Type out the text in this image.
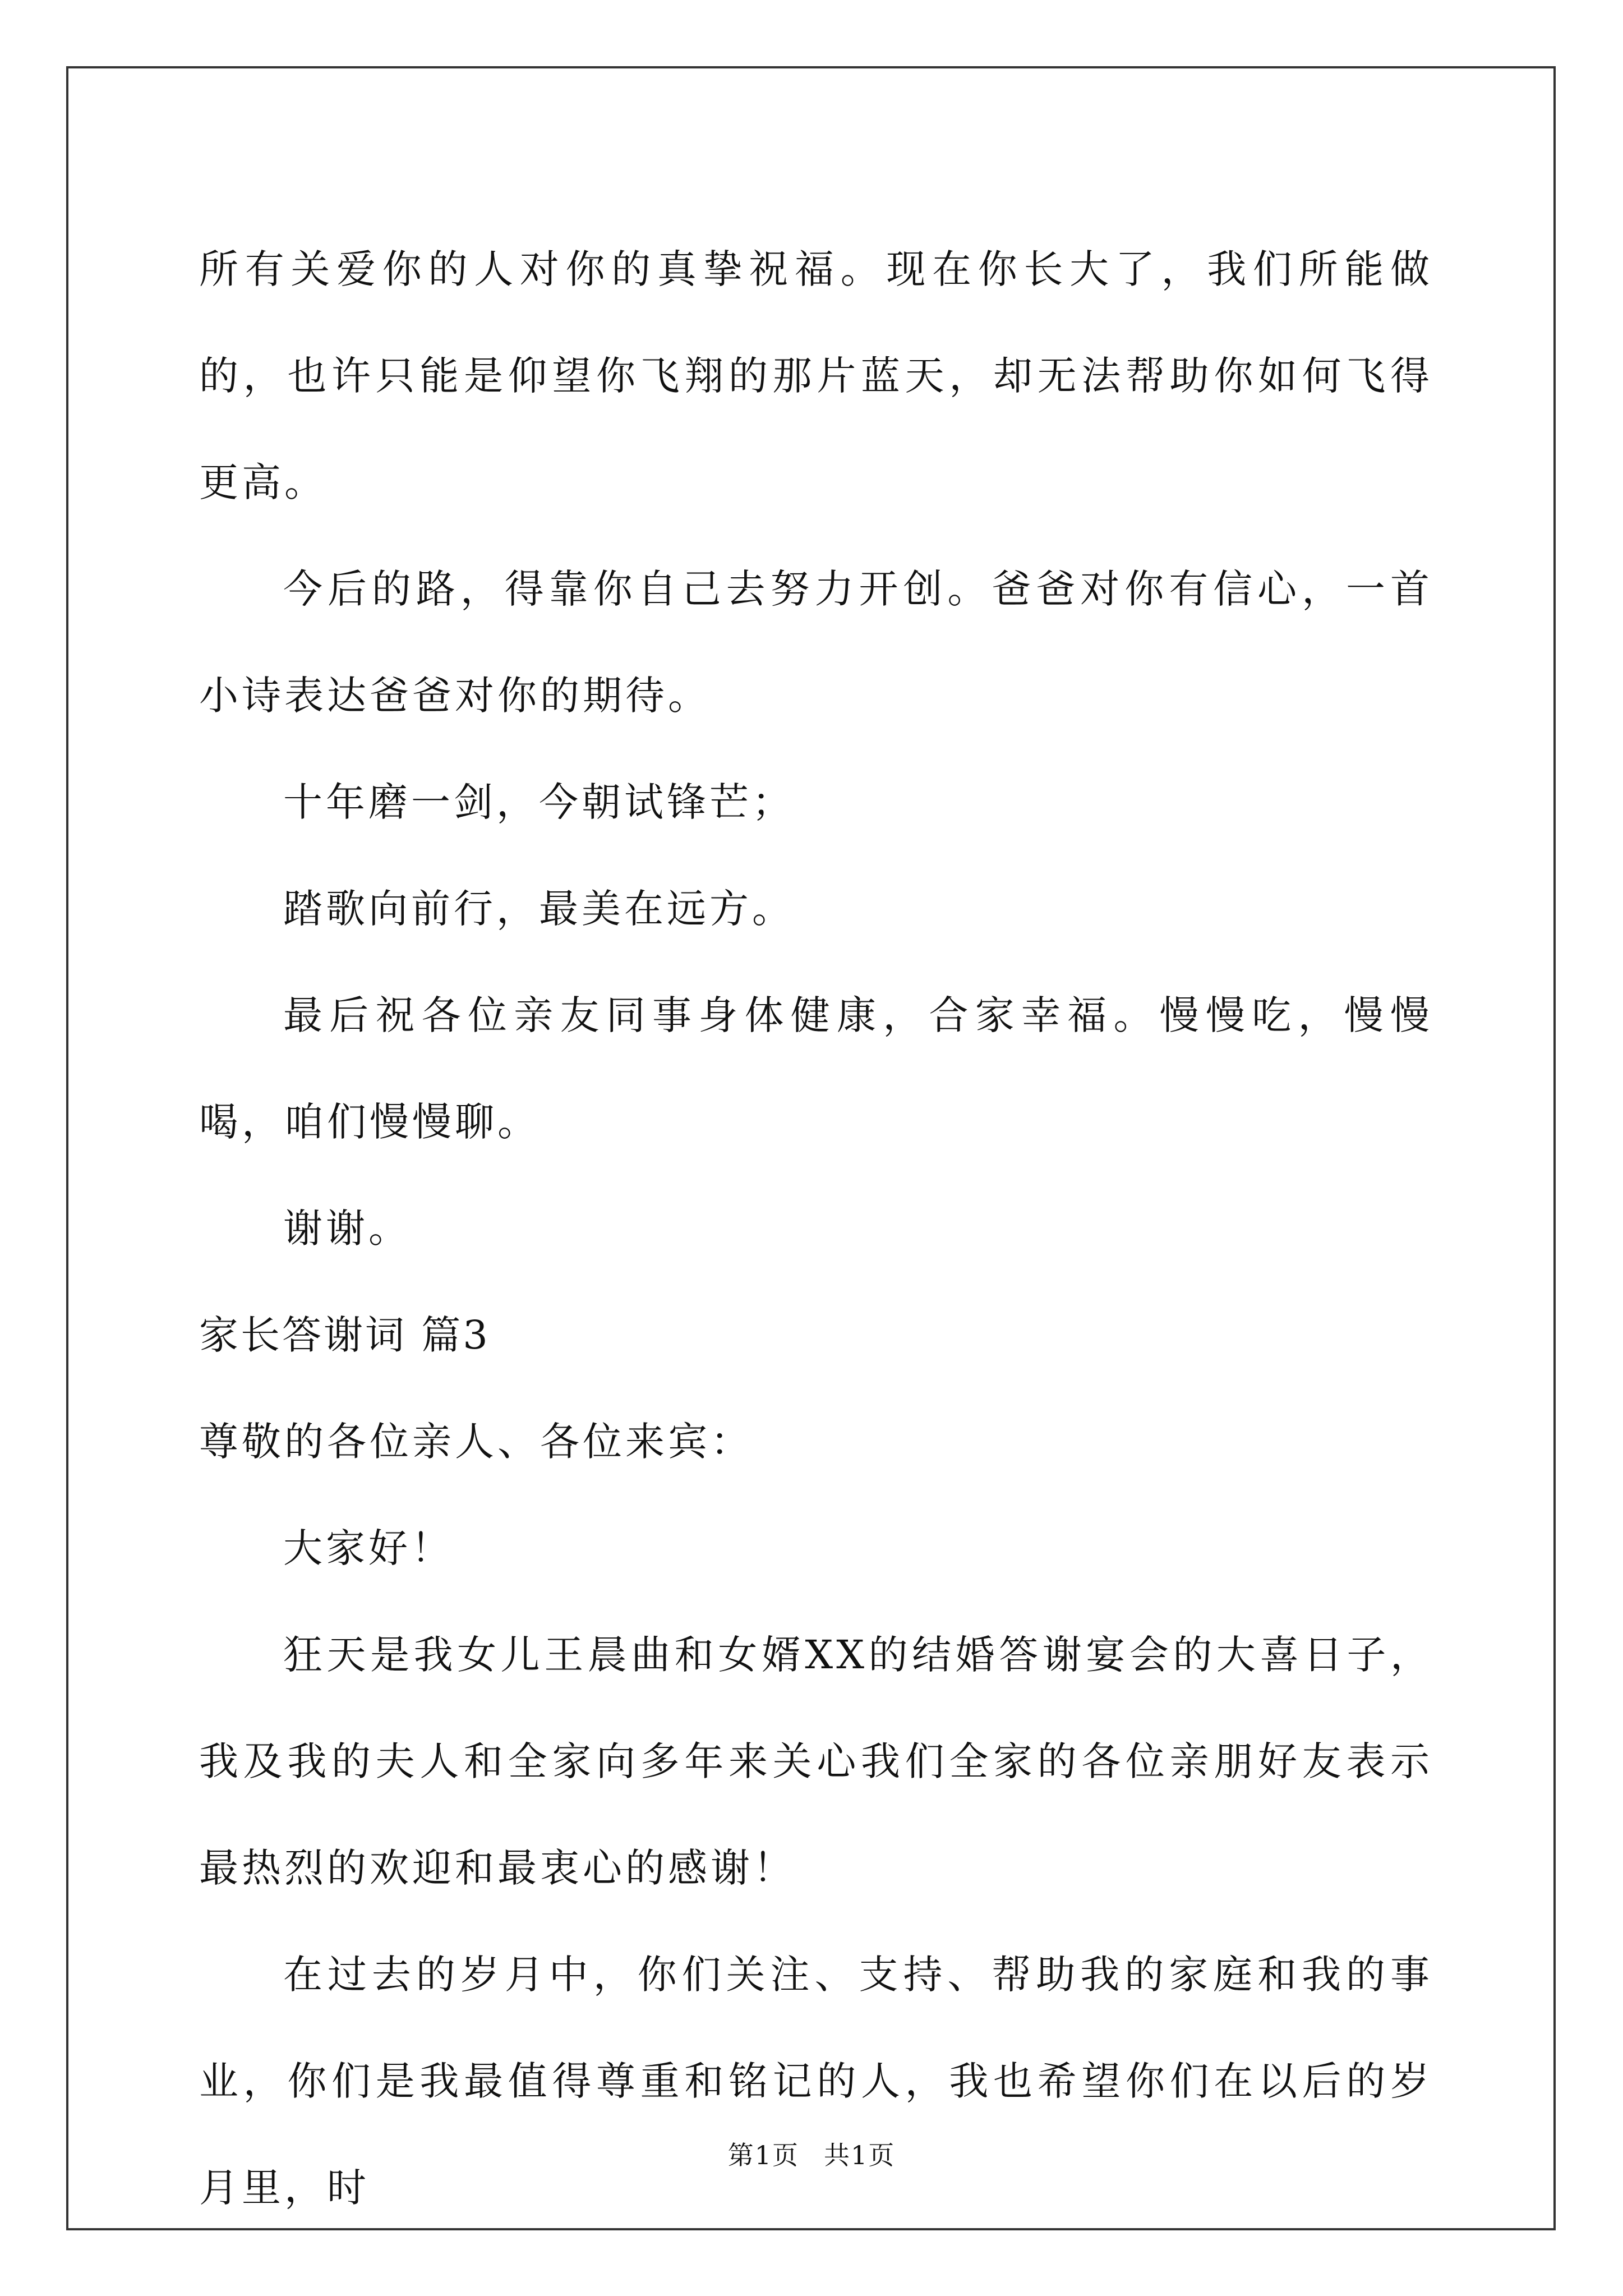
所有关爱你的人对你的真挚祝福。现在你长大了，我们所能做的，也许只能是仰望你飞翔的那片蓝天，却无法帮助你如何飞得更高。

今后的路，得靠你自己去努力开创。爸爸对你有信心，一首小诗表达爸爸对你的期待。

十年磨一剑，今朝试锋芒；

踏歌向前行，最美在远方。

最后祝各位亲友同事身体健康，合家幸福。慢慢吃，慢慢喝，咱们慢慢聊。

谢谢。

家长答谢词 篇3

尊敬的各位亲人、各位来宾：

大家好！

狂天是我女儿王晨曲和女婿XX的结婚答谢宴会的大喜日子，我及我的夫人和全家向多年来关心我们全家的各位亲朋好友表示最热烈的欢迎和最衷心的感谢！

在过去的岁月中，你们关注、支持、帮助我的家庭和我的事业，你们是我最值得尊重和铭记的人，我也希望你们在以后的岁月里，时

第1页 共1页
